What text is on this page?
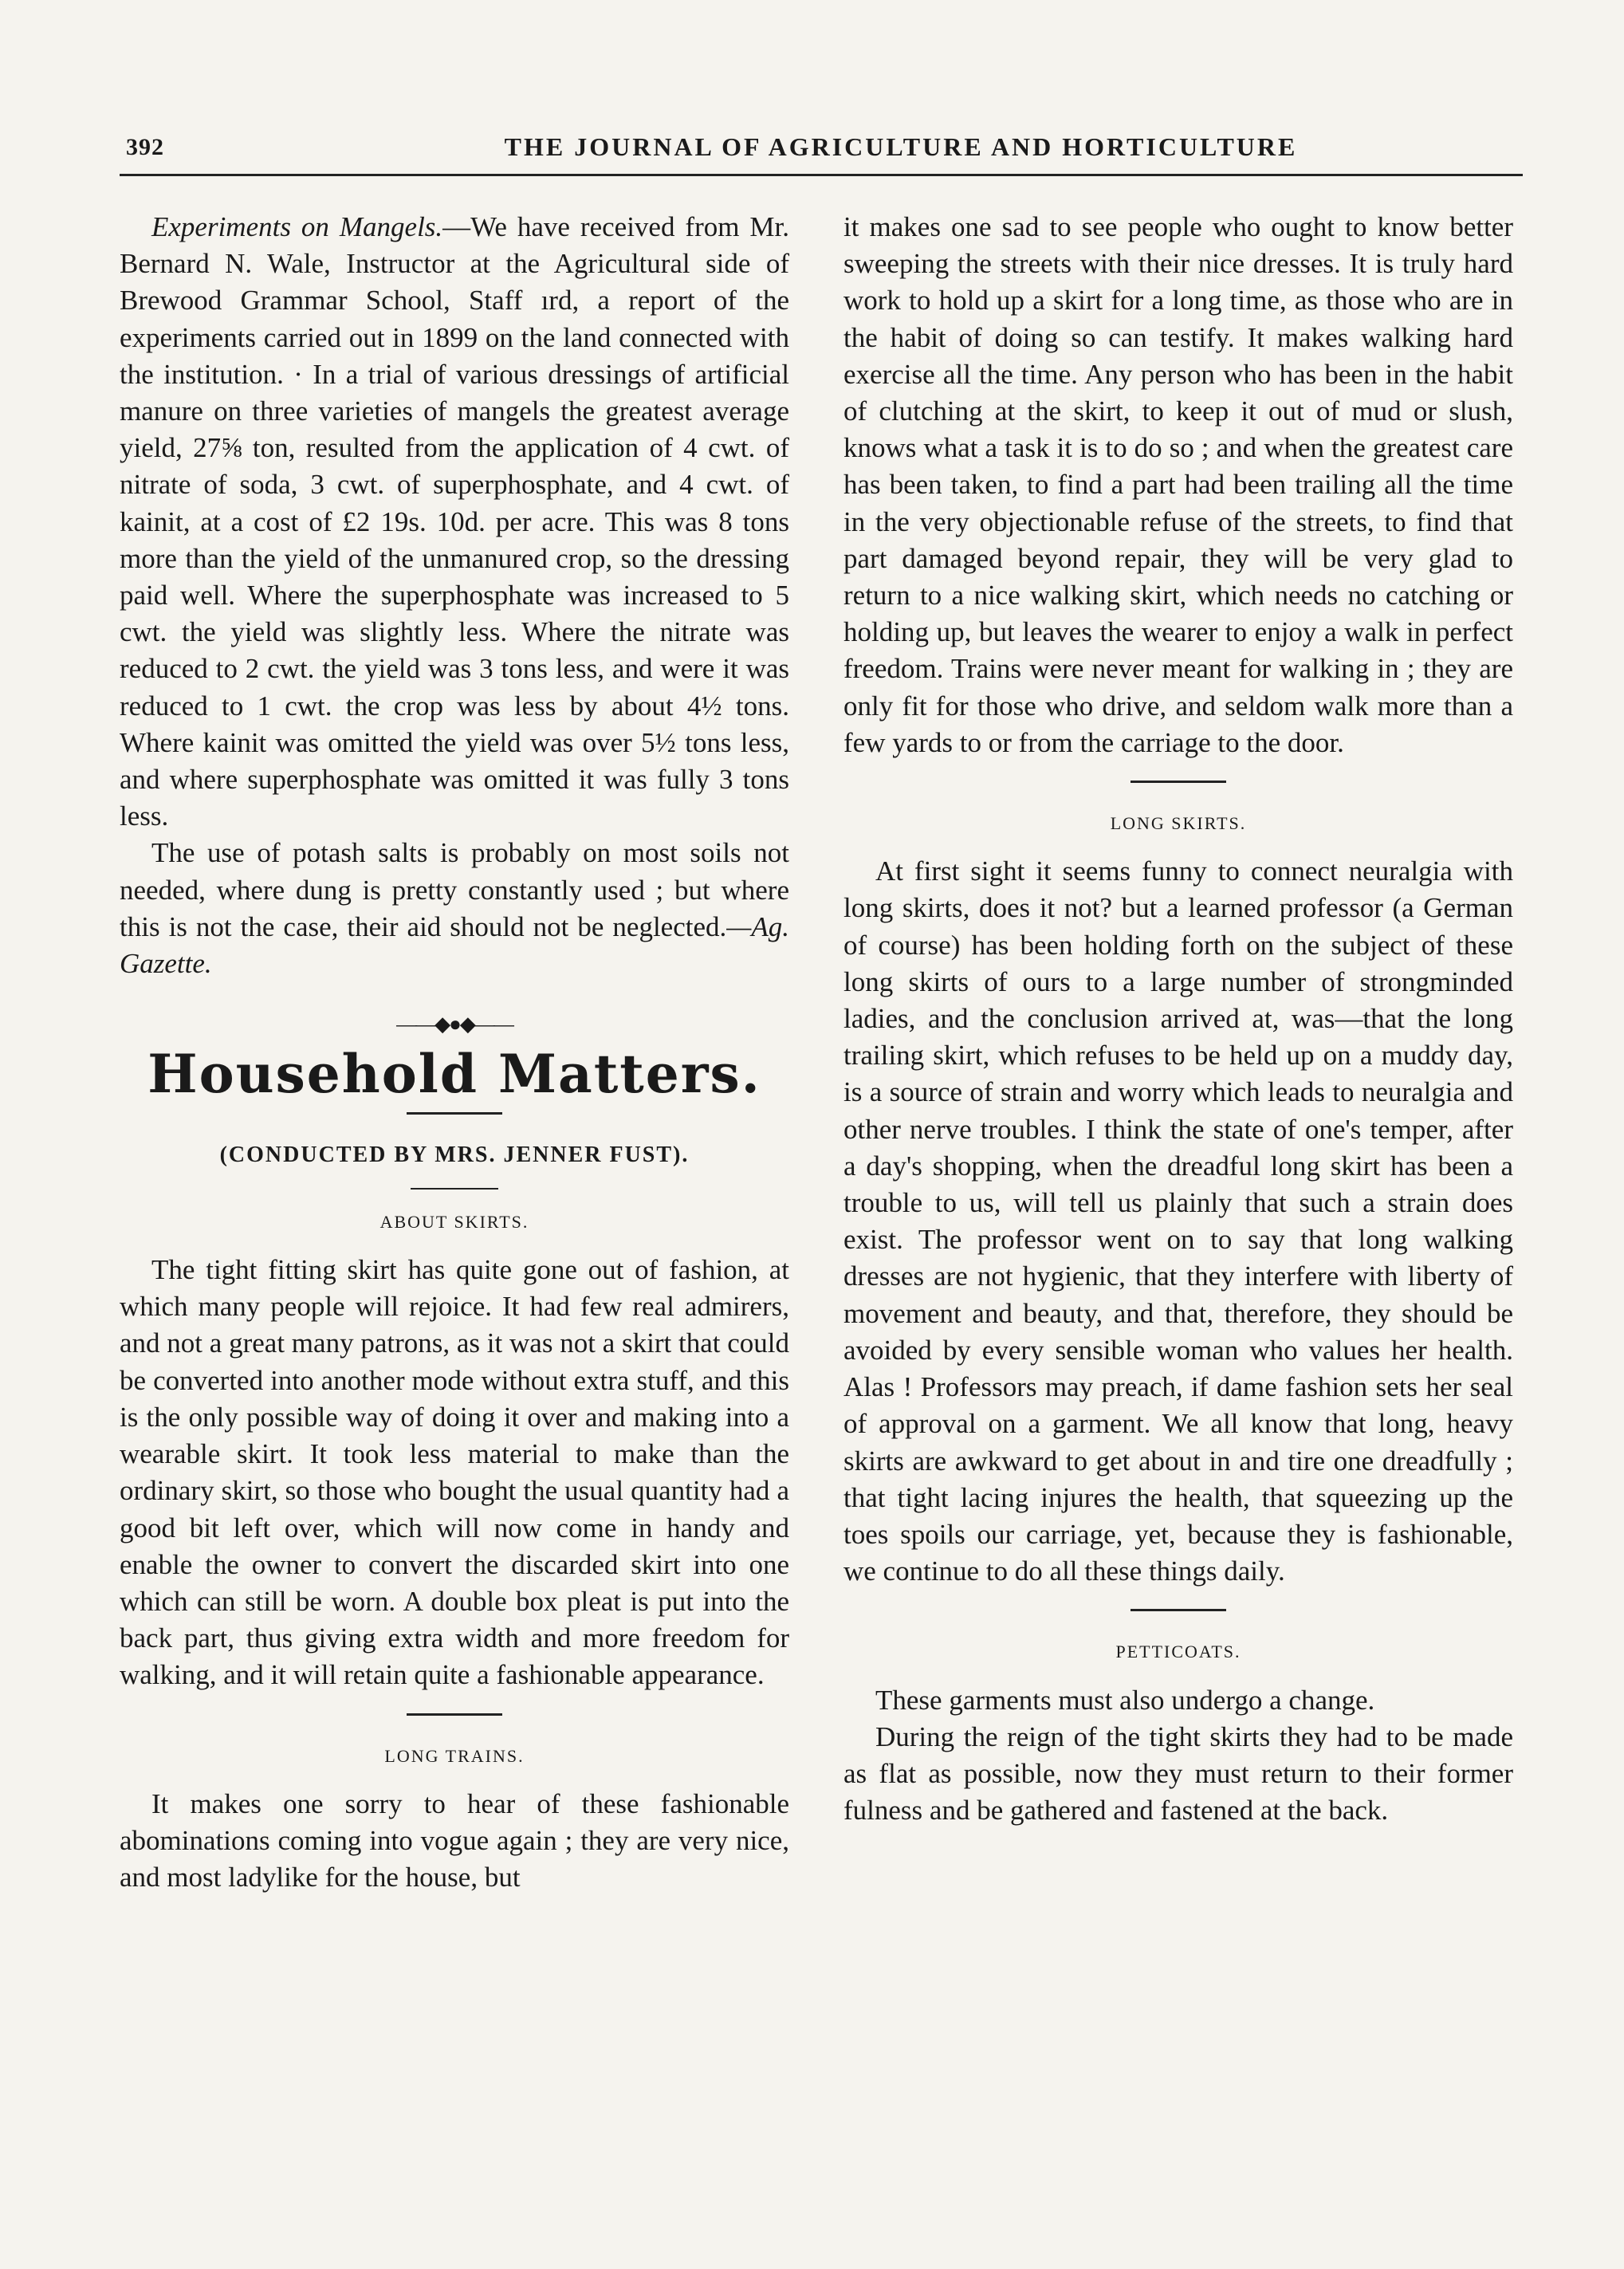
392	THE JOURNAL OF AGRICULTURE AND HORTICULTURE

Experiments on Mangels.—We have received from Mr. Bernard N. Wale, Instructor at the Agricultural side of Brewood Grammar School, Staff ırd, a report of the experiments carried out in 1899 on the land connected with the institution. · In a trial of various dressings of artificial manure on three varieties of mangels the greatest average yield, 27⅝ ton, resulted from the application of 4 cwt. of nitrate of soda, 3 cwt. of superphosphate, and 4 cwt. of kainit, at a cost of £2 19s. 10d. per acre. This was 8 tons more than the yield of the unmanured crop, so the dressing paid well. Where the superphosphate was increased to 5 cwt. the yield was slightly less. Where the nitrate was reduced to 2 cwt. the yield was 3 tons less, and were it was reduced to 1 cwt. the crop was less by about 4½ tons. Where kainit was omitted the yield was over 5½ tons less, and where superphosphate was omitted it was fully 3 tons less.

The use of potash salts is probably on most soils not needed, where dung is pretty constantly used ; but where this is not the case, their aid should not be neglected.—Ag. Gazette.

——◆●◆——
Household Matters.
(CONDUCTED BY MRS. JENNER FUST).
ABOUT SKIRTS.

The tight fitting skirt has quite gone out of fashion, at which many people will rejoice. It had few real admirers, and not a great many patrons, as it was not a skirt that could be converted into another mode without extra stuff, and this is the only possible way of doing it over and making into a wearable skirt. It took less material to make than the ordinary skirt, so those who bought the usual quantity had a good bit left over, which will now come in handy and enable the owner to convert the discarded skirt into one which can still be worn. A double box pleat is put into the back part, thus giving extra width and more freedom for walking, and it will retain quite a fashionable appearance.

LONG TRAINS.

It makes one sorry to hear of these fashionable abominations coming into vogue again ; they are very nice, and most ladylike for the house, but

it makes one sad to see people who ought to know better sweeping the streets with their nice dresses. It is truly hard work to hold up a skirt for a long time, as those who are in the habit of doing so can testify. It makes walking hard exercise all the time. Any person who has been in the habit of clutching at the skirt, to keep it out of mud or slush, knows what a task it is to do so ; and when the greatest care has been taken, to find a part had been trailing all the time in the very objectionable refuse of the streets, to find that part damaged beyond repair, they will be very glad to return to a nice walking skirt, which needs no catching or holding up, but leaves the wearer to enjoy a walk in perfect freedom. Trains were never meant for walking in ; they are only fit for those who drive, and seldom walk more than a few yards to or from the carriage to the door.

LONG SKIRTS.

At first sight it seems funny to connect neuralgia with long skirts, does it not? but a learned professor (a German of course) has been holding forth on the subject of these long skirts of ours to a large number of strongminded ladies, and the conclusion arrived at, was—that the long trailing skirt, which refuses to be held up on a muddy day, is a source of strain and worry which leads to neuralgia and other nerve troubles. I think the state of one's temper, after a day's shopping, when the dreadful long skirt has been a trouble to us, will tell us plainly that such a strain does exist. The professor went on to say that long walking dresses are not hygienic, that they interfere with liberty of movement and beauty, and that, therefore, they should be avoided by every sensible woman who values her health. Alas ! Professors may preach, if dame fashion sets her seal of approval on a garment. We all know that long, heavy skirts are awkward to get about in and tire one dreadfully ; that tight lacing injures the health, that squeezing up the toes spoils our carriage, yet, because they is fashionable, we continue to do all these things daily.

PETTICOATS.

These garments must also undergo a change.

During the reign of the tight skirts they had to be made as flat as possible, now they must return to their former fulness and be gathered and fastened at the back.
